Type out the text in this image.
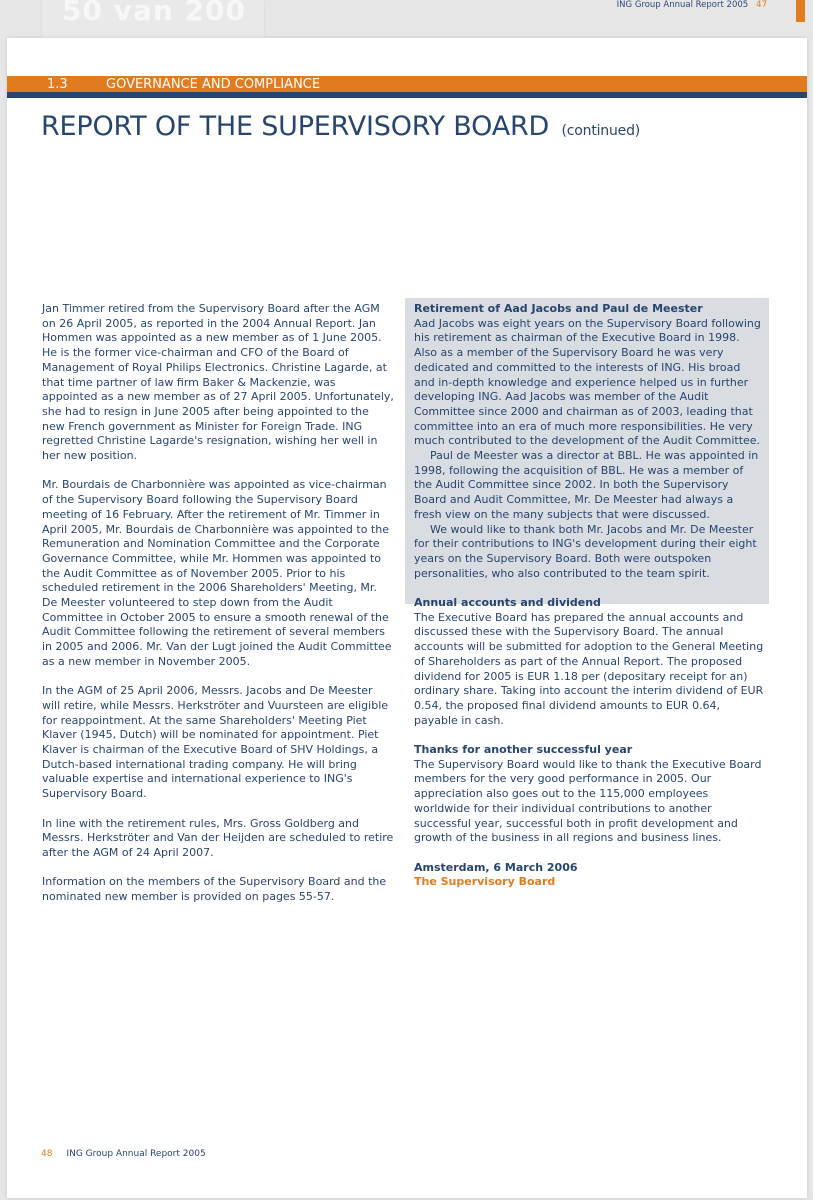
50 van 200	ING Group Annual Report 2005 47
1.3	GOVERNANCE AND COMPLIANCE
REPORT OF THE SUPERVISORY BOARD (continued)

Jan Timmer retired from the Supervisory Board after the AGM on 26 April 2005, as reported in the 2004 Annual Report. Jan Hommen was appointed as a new member as of 1 June 2005. He is the former vice-chairman and CFO of the Board of Management of Royal Philips Electronics. Christine Lagarde, at that time partner of law firm Baker & Mackenzie, was appointed as a new member as of 27 April 2005. Unfortunately, she had to resign in June 2005 after being appointed to the new French government as Minister for Foreign Trade. ING regretted Christine Lagarde's resignation, wishing her well in her new position.

Mr. Bourdais de Charbonnière was appointed as vice-chairman of the Supervisory Board following the Supervisory Board meeting of 16 February. After the retirement of Mr. Timmer in April 2005, Mr. Bourdais de Charbonnière was appointed to the Remuneration and Nomination Committee and the Corporate Governance Committee, while Mr. Hommen was appointed to the Audit Committee as of November 2005. Prior to his scheduled retirement in the 2006 Shareholders' Meeting, Mr. De Meester volunteered to step down from the Audit Committee in October 2005 to ensure a smooth renewal of the Audit Committee following the retirement of several members in 2005 and 2006. Mr. Van der Lugt joined the Audit Committee as a new member in November 2005.

In the AGM of 25 April 2006, Messrs. Jacobs and De Meester will retire, while Messrs. Herkströter and Vuursteen are eligible for reappointment. At the same Shareholders' Meeting Piet Klaver (1945, Dutch) will be nominated for appointment. Piet Klaver is chairman of the Executive Board of SHV Holdings, a Dutch-based international trading company. He will bring valuable expertise and international experience to ING's Supervisory Board.

In line with the retirement rules, Mrs. Gross Goldberg and Messrs. Herkströter and Van der Heijden are scheduled to retire after the AGM of 24 April 2007.

Information on the members of the Supervisory Board and the nominated new member is provided on pages 55-57.

Retirement of Aad Jacobs and Paul de Meester
Aad Jacobs was eight years on the Supervisory Board following his retirement as chairman of the Executive Board in 1998. Also as a member of the Supervisory Board he was very dedicated and committed to the interests of ING. His broad and in-depth knowledge and experience helped us in further developing ING. Aad Jacobs was member of the Audit Committee since 2000 and chairman as of 2003, leading that committee into an era of much more responsibilities. He very much contributed to the development of the Audit Committee.
Paul de Meester was a director at BBL. He was appointed in 1998, following the acquisition of BBL. He was a member of the Audit Committee since 2002. In both the Supervisory Board and Audit Committee, Mr. De Meester had always a fresh view on the many subjects that were discussed.

We would like to thank both Mr. Jacobs and Mr. De Meester for their contributions to ING's development during their eight years on the Supervisory Board. Both were outspoken personalities, who also contributed to the team spirit.

Annual accounts and dividend

The Executive Board has prepared the annual accounts and discussed these with the Supervisory Board. The annual accounts will be submitted for adoption to the General Meeting of Shareholders as part of the Annual Report. The proposed dividend for 2005 is EUR 1.18 per (depositary receipt for an) ordinary share. Taking into account the interim dividend of EUR 0.54, the proposed final dividend amounts to EUR 0.64, payable in cash.

Thanks for another successful year

The Supervisory Board would like to thank the Executive Board members for the very good performance in 2005. Our appreciation also goes out to the 115,000 employees worldwide for their individual contributions to another successful year, successful both in profit development and growth of the business in all regions and business lines.

Amsterdam, 6 March 2006
The Supervisory Board
48 ING Group Annual Report 2005
